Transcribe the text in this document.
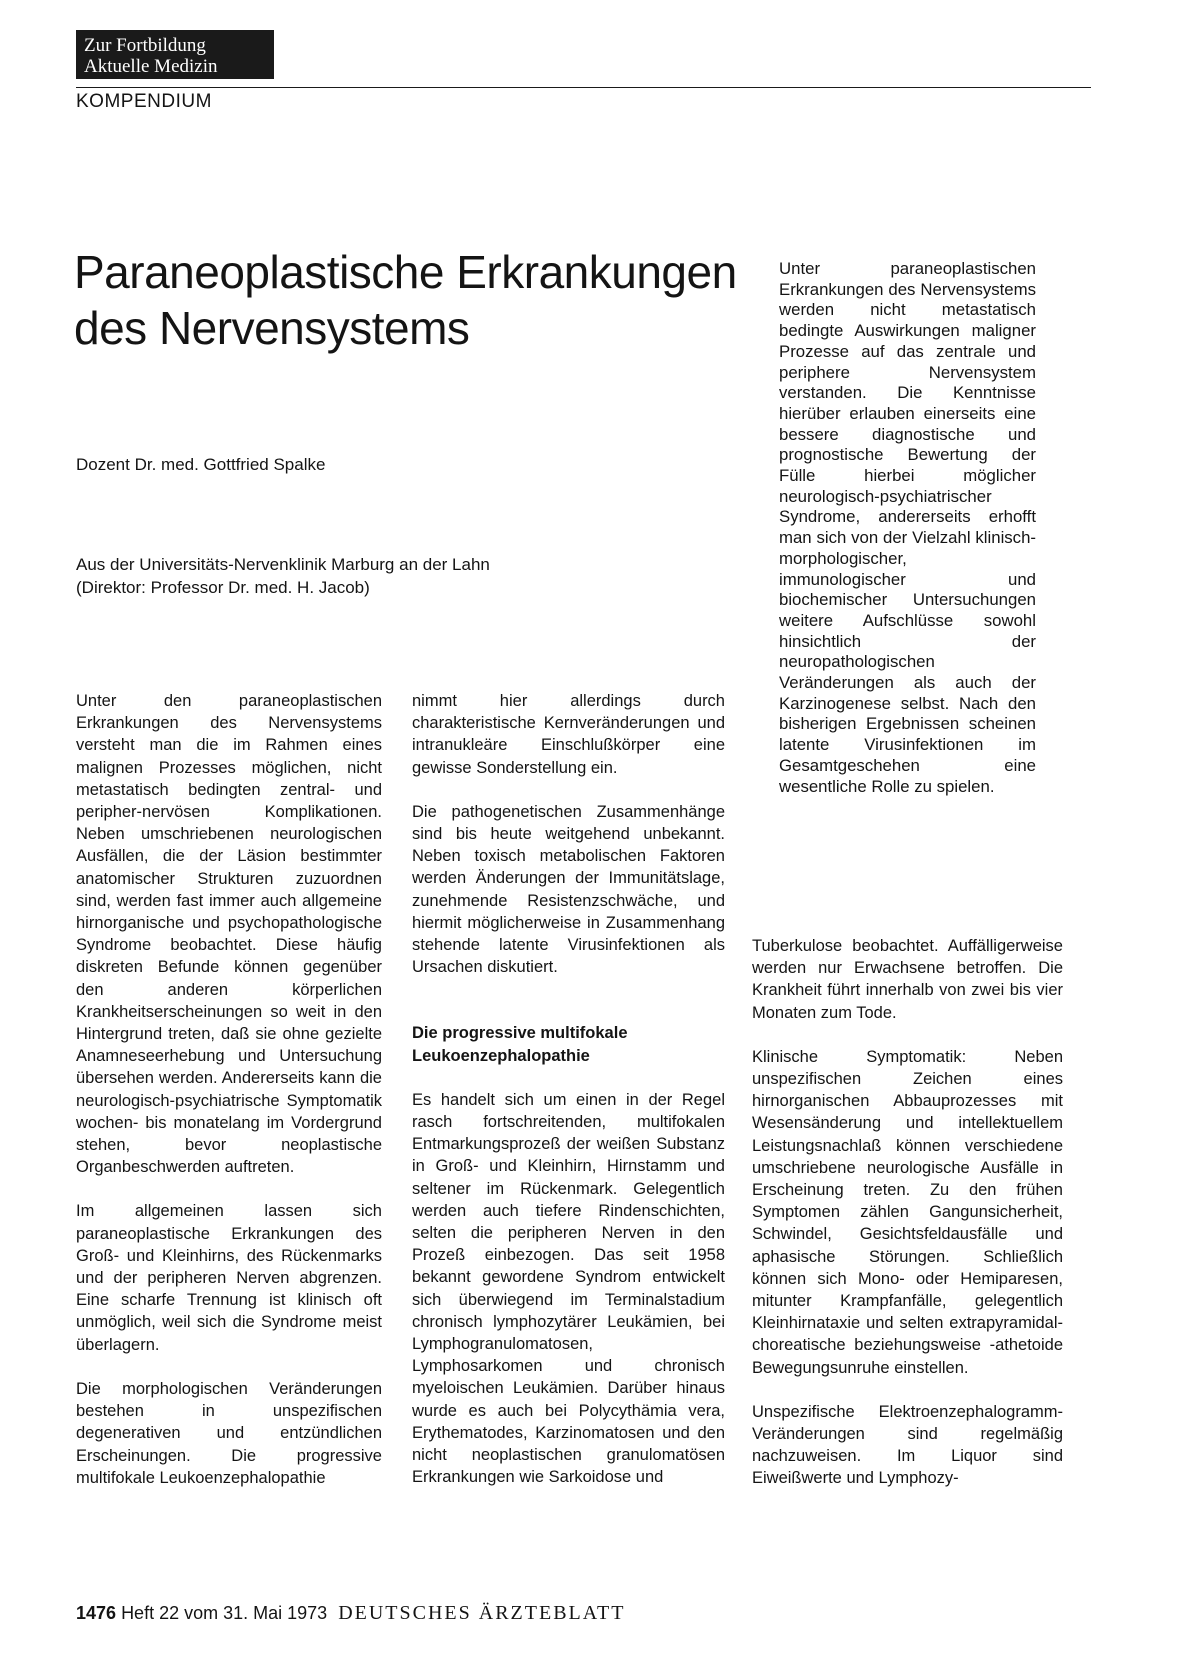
Zur Fortbildung
Aktuelle Medizin
KOMPENDIUM
Paraneoplastische Erkrankungen
des Nervensystems
Dozent Dr. med. Gottfried Spalke
Aus der Universitäts-Nervenklinik Marburg an der Lahn
(Direktor: Professor Dr. med. H. Jacob)

Unter paraneoplastischen Erkrankungen des Nervensystems werden nicht metastatisch bedingte Auswirkungen maligner Prozesse auf das zentrale und periphere Nervensystem verstanden. Die Kenntnisse hierüber erlauben einerseits eine bessere diagnostische und prognostische Bewertung der Fülle hierbei möglicher neurologisch-psychiatrischer Syndrome, andererseits erhofft man sich von der Vielzahl klinisch-morphologischer, immunologischer und biochemischer Untersuchungen weitere Aufschlüsse sowohl hinsichtlich der neuropathologischen Veränderungen als auch der Karzinogenese selbst. Nach den bisherigen Ergebnissen scheinen latente Virusinfektionen im Gesamtgeschehen eine wesentliche Rolle zu spielen.

Unter den paraneoplastischen Erkrankungen des Nervensystems versteht man die im Rahmen eines malignen Prozesses möglichen, nicht metastatisch bedingten zentral- und peripher-nervösen Komplikationen. Neben umschriebenen neurologischen Ausfällen, die der Läsion bestimmter anatomischer Strukturen zuzuordnen sind, werden fast immer auch allgemeine hirnorganische und psychopathologische Syndrome beobachtet. Diese häufig diskreten Befunde können gegenüber den anderen körperlichen Krankheitserscheinungen so weit in den Hintergrund treten, daß sie ohne gezielte Anamneseerhebung und Untersuchung übersehen werden. Andererseits kann die neurologisch-psychiatrische Symptomatik wochen- bis monatelang im Vordergrund stehen, bevor neoplastische Organbeschwerden auftreten.

Im allgemeinen lassen sich paraneoplastische Erkrankungen des Groß- und Kleinhirns, des Rückenmarks und der peripheren Nerven abgrenzen. Eine scharfe Trennung ist klinisch oft unmöglich, weil sich die Syndrome meist überlagern.

Die morphologischen Veränderungen bestehen in unspezifischen degenerativen und entzündlichen Erscheinungen. Die progressive multifokale Leukoenzephalopathie

nimmt hier allerdings durch charakteristische Kernveränderungen und intranukleäre Einschlußkörper eine gewisse Sonderstellung ein.

Die pathogenetischen Zusammenhänge sind bis heute weitgehend unbekannt. Neben toxisch metabolischen Faktoren werden Änderungen der Immunitätslage, zunehmende Resistenzschwäche, und hiermit möglicherweise in Zusammenhang stehende latente Virusinfektionen als Ursachen diskutiert.

Die progressive multifokale
Leukoenzephalopathie

Es handelt sich um einen in der Regel rasch fortschreitenden, multifokalen Entmarkungsprozeß der weißen Substanz in Groß- und Kleinhirn, Hirnstamm und seltener im Rückenmark. Gelegentlich werden auch tiefere Rindenschichten, selten die peripheren Nerven in den Prozeß einbezogen. Das seit 1958 bekannt gewordene Syndrom entwickelt sich überwiegend im Terminalstadium chronisch lymphozytärer Leukämien, bei Lymphogranulomatosen, Lymphosarkomen und chronisch myeloischen Leukämien. Darüber hinaus wurde es auch bei Polycythämia vera, Erythematodes, Karzinomatosen und den nicht neoplastischen granulomatösen Erkrankungen wie Sarkoidose und

Tuberkulose beobachtet. Auffälligerweise werden nur Erwachsene betroffen. Die Krankheit führt innerhalb von zwei bis vier Monaten zum Tode.

Klinische Symptomatik: Neben unspezifischen Zeichen eines hirnorganischen Abbauprozesses mit Wesensänderung und intellektuellem Leistungsnachlaß können verschiedene umschriebene neurologische Ausfälle in Erscheinung treten. Zu den frühen Symptomen zählen Gangunsicherheit, Schwindel, Gesichtsfeldausfälle und aphasische Störungen. Schließlich können sich Mono- oder Hemiparesen, mitunter Krampfanfälle, gelegentlich Kleinhirnataxie und selten extrapyramidal-choreatische beziehungsweise -athetoide Bewegungsunruhe einstellen.

Unspezifische Elektroenzephalogramm-Veränderungen sind regelmäßig nachzuweisen. Im Liquor sind Eiweißwerte und Lymphozy-

1476 Heft 22 vom 31. Mai 1973 DEUTSCHES ÄRZTEBLATT
